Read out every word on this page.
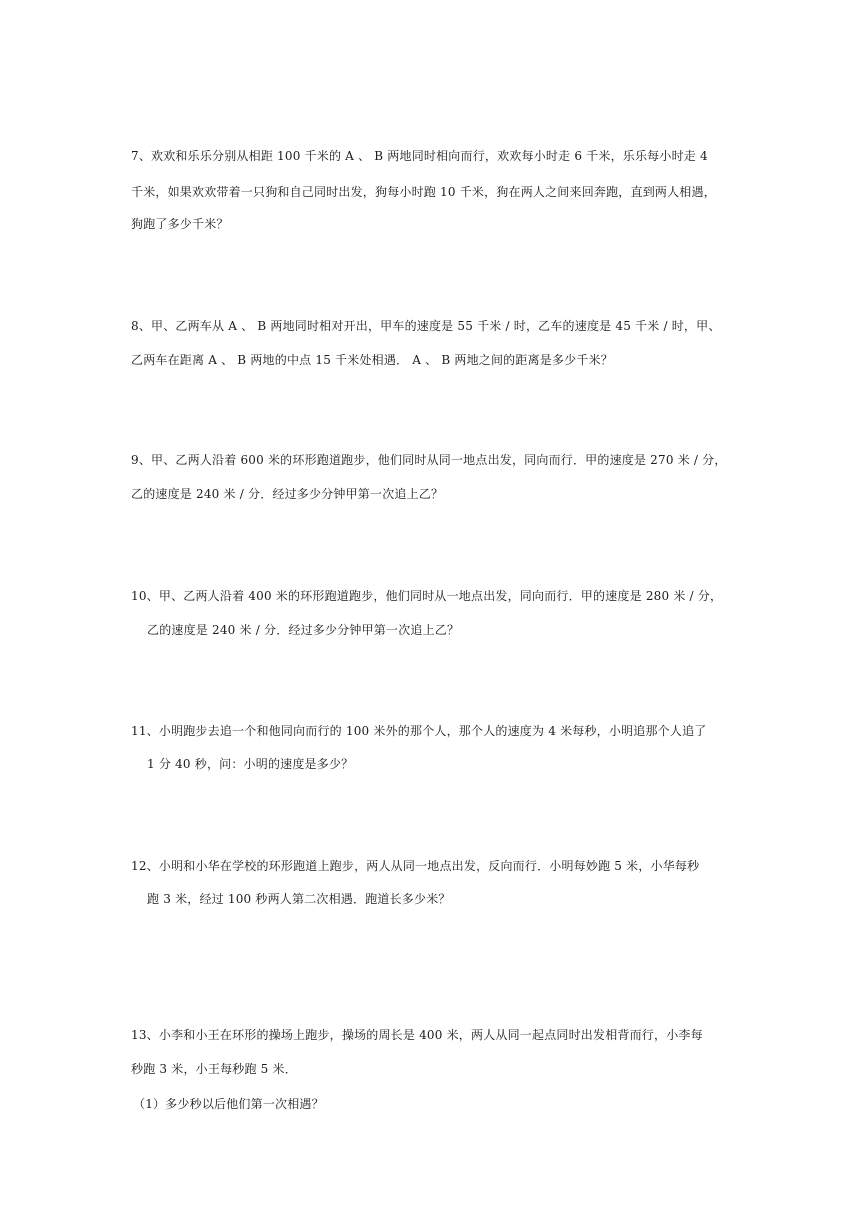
7、欢欢和乐乐分别从相距 100 千米的 A 、 B 两地同时相向而行，欢欢每小时走 6 千米，乐乐每小时走 4
千米，如果欢欢带着一只狗和自己同时出发，狗每小时跑 10 千米，狗在两人之间来回奔跑，直到两人相遇，
狗跑了多少千米？
8、甲、乙两车从 A 、 B 两地同时相对开出，甲车的速度是 55 千米 / 时，乙车的速度是 45 千米 / 时，甲、
乙两车在距离 A 、 B 两地的中点 15 千米处相遇． A 、 B 两地之间的距离是多少千米？
9、甲、乙两人沿着 600 米的环形跑道跑步，他们同时从同一地点出发，同向而行．甲的速度是 270 米 / 分，
乙的速度是 240 米 / 分．经过多少分钟甲第一次追上乙？
10、甲、乙两人沿着 400 米的环形跑道跑步，他们同时从一地点出发，同向而行．甲的速度是 280 米 / 分，
乙的速度是 240 米 / 分．经过多少分钟甲第一次追上乙？
11、小明跑步去追一个和他同向而行的 100 米外的那个人，那个人的速度为 4 米每秒，小明追那个人追了
1 分 40 秒，问：小明的速度是多少？
12、小明和小华在学校的环形跑道上跑步，两人从同一地点出发，反向而行．小明每妙跑 5 米，小华每秒
跑 3 米，经过 100 秒两人第二次相遇．跑道长多少米？
13、小李和小王在环形的操场上跑步，操场的周长是 400 米，两人从同一起点同时出发相背而行，小李每
秒跑 3 米，小王每秒跑 5 米．
（1）多少秒以后他们第一次相遇？
